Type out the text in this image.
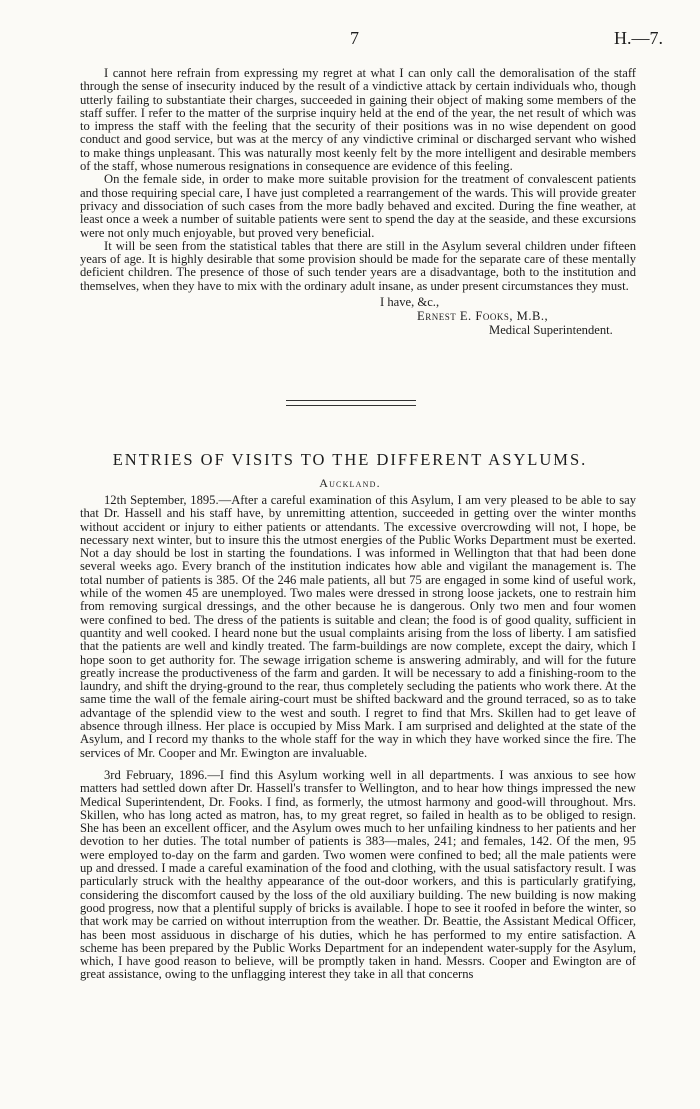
7	H.—7.

I cannot here refrain from expressing my regret at what I can only call the demoralisation of the staff through the sense of insecurity induced by the result of a vindictive attack by certain individuals who, though utterly failing to substantiate their charges, succeeded in gaining their object of making some members of the staff suffer. I refer to the matter of the surprise inquiry held at the end of the year, the net result of which was to impress the staff with the feeling that the security of their positions was in no wise dependent on good conduct and good service, but was at the mercy of any vindictive criminal or discharged servant who wished to make things unpleasant. This was naturally most keenly felt by the more intelligent and desirable members of the staff, whose numerous resignations in consequence are evidence of this feeling.

On the female side, in order to make more suitable provision for the treatment of convalescent patients and those requiring special care, I have just completed a rearrangement of the wards. This will provide greater privacy and dissociation of such cases from the more badly behaved and excited. During the fine weather, at least once a week a number of suitable patients were sent to spend the day at the seaside, and these excursions were not only much enjoyable, but proved very beneficial.

It will be seen from the statistical tables that there are still in the Asylum several children under fifteen years of age. It is highly desirable that some provision should be made for the separate care of these mentally deficient children. The presence of those of such tender years are a disadvantage, both to the institution and themselves, when they have to mix with the ordinary adult insane, as under present circumstances they must.

I have, &c.,
Ernest E. Fooks, M.B.,
Medical Superintendent.
ENTRIES OF VISITS TO THE DIFFERENT ASYLUMS.
Auckland.

12th September, 1895.—After a careful examination of this Asylum, I am very pleased to be able to say that Dr. Hassell and his staff have, by unremitting attention, succeeded in getting over the winter months without accident or injury to either patients or attendants. The excessive overcrowding will not, I hope, be necessary next winter, but to insure this the utmost energies of the Public Works Department must be exerted. Not a day should be lost in starting the foundations. I was informed in Wellington that that had been done several weeks ago. Every branch of the institution indicates how able and vigilant the management is. The total number of patients is 385. Of the 246 male patients, all but 75 are engaged in some kind of useful work, while of the women 45 are unemployed. Two males were dressed in strong loose jackets, one to restrain him from removing surgical dressings, and the other because he is dangerous. Only two men and four women were confined to bed. The dress of the patients is suitable and clean; the food is of good quality, sufficient in quantity and well cooked. I heard none but the usual complaints arising from the loss of liberty. I am satisfied that the patients are well and kindly treated. The farm-buildings are now complete, except the dairy, which I hope soon to get authority for. The sewage irrigation scheme is answering admirably, and will for the future greatly increase the productiveness of the farm and garden. It will be necessary to add a finishing-room to the laundry, and shift the drying-ground to the rear, thus completely secluding the patients who work there. At the same time the wall of the female airing-court must be shifted backward and the ground terraced, so as to take advantage of the splendid view to the west and south. I regret to find that Mrs. Skillen had to get leave of absence through illness. Her place is occupied by Miss Mark. I am surprised and delighted at the state of the Asylum, and I record my thanks to the whole staff for the way in which they have worked since the fire. The services of Mr. Cooper and Mr. Ewington are invaluable.

3rd February, 1896.—I find this Asylum working well in all departments. I was anxious to see how matters had settled down after Dr. Hassell's transfer to Wellington, and to hear how things impressed the new Medical Superintendent, Dr. Fooks. I find, as formerly, the utmost harmony and good-will throughout. Mrs. Skillen, who has long acted as matron, has, to my great regret, so failed in health as to be obliged to resign. She has been an excellent officer, and the Asylum owes much to her unfailing kindness to her patients and her devotion to her duties. The total number of patients is 383—males, 241; and females, 142. Of the men, 95 were employed to-day on the farm and garden. Two women were confined to bed; all the male patients were up and dressed. I made a careful examination of the food and clothing, with the usual satisfactory result. I was particularly struck with the healthy appearance of the out-door workers, and this is particularly gratifying, considering the discomfort caused by the loss of the old auxiliary building. The new building is now making good progress, now that a plentiful supply of bricks is available. I hope to see it roofed in before the winter, so that work may be carried on without interruption from the weather. Dr. Beattie, the Assistant Medical Officer, has been most assiduous in discharge of his duties, which he has performed to my entire satisfaction. A scheme has been prepared by the Public Works Department for an independent water-supply for the Asylum, which, I have good reason to believe, will be promptly taken in hand. Messrs. Cooper and Ewington are of great assistance, owing to the unflagging interest they take in all that concerns
